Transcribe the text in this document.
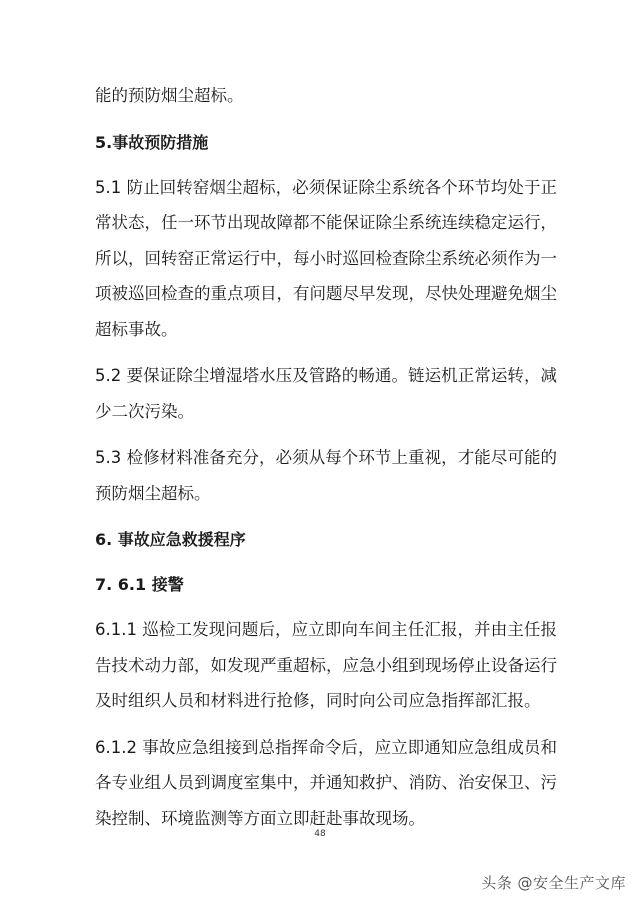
能的预防烟尘超标。

5.事故预防措施

5.1 防止回转窑烟尘超标，必须保证除尘系统各个环节均处于正常状态，任一环节出现故障都不能保证除尘系统连续稳定运行，所以，回转窑正常运行中，每小时巡回检查除尘系统必须作为一项被巡回检查的重点项目，有问题尽早发现，尽快处理避免烟尘超标事故。

5.2 要保证除尘增湿塔水压及管路的畅通。链运机正常运转，减少二次污染。

5.3 检修材料准备充分，必须从每个环节上重视，才能尽可能的预防烟尘超标。

6. 事故应急救援程序

7. 6.1 接警

6.1.1 巡检工发现问题后，应立即向车间主任汇报，并由主任报告技术动力部，如发现严重超标，应急小组到现场停止设备运行及时组织人员和材料进行抢修，同时向公司应急指挥部汇报。

6.1.2 事故应急组接到总指挥命令后，应立即通知应急组成员和各专业组人员到调度室集中，并通知救护、消防、治安保卫、污染控制、环境监测等方面立即赶赴事故现场。

48
头条 @安全生产文库
